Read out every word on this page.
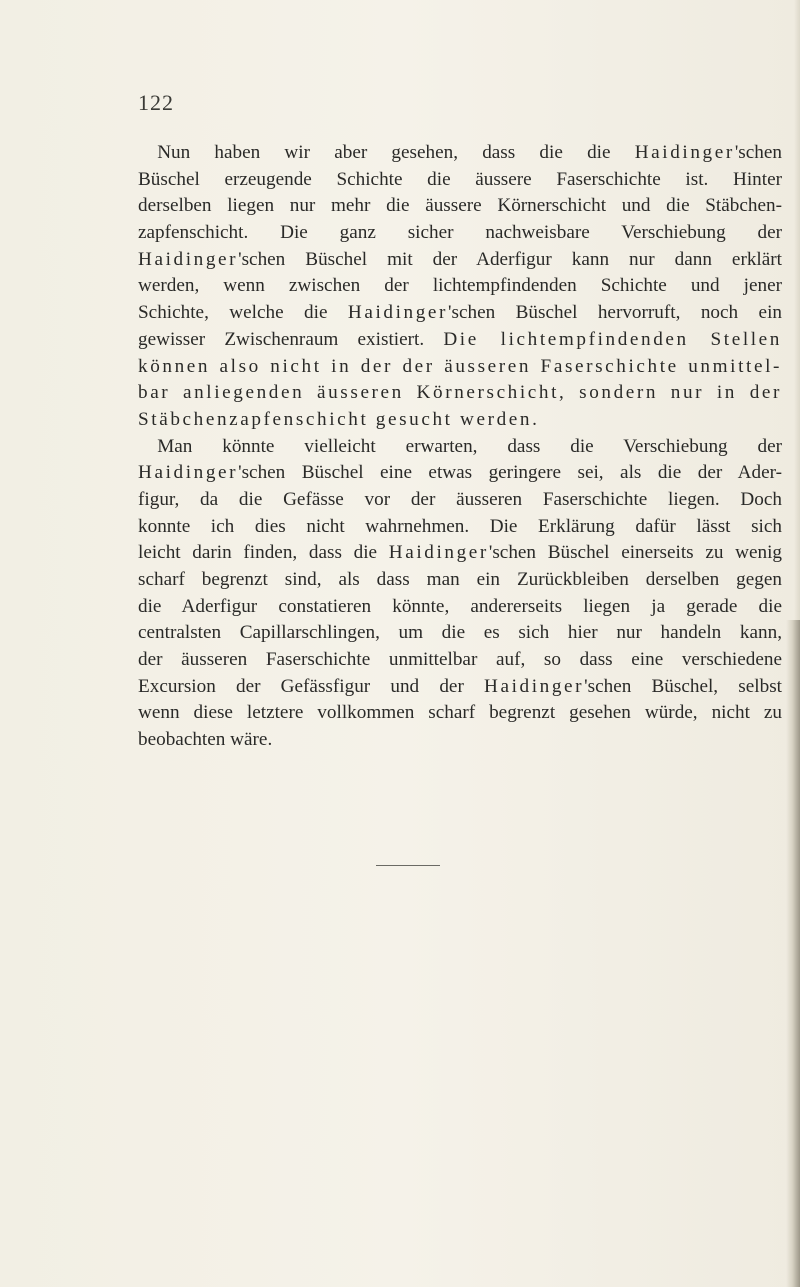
122
 Nun haben wir aber gesehen, dass die die Haidinger'schen
Büschel erzeugende Schichte die äussere Faserschichte ist. Hinter
derselben liegen nur mehr die äussere Körnerschicht und die Stäbchen-
zapfenschicht. Die ganz sicher nachweisbare Verschiebung der
Haidinger'schen Büschel mit der Aderfigur kann nur dann erklärt
werden, wenn zwischen der lichtempfindenden Schichte und jener
Schichte, welche die Haidinger'schen Büschel hervorruft, noch ein
gewisser Zwischenraum existiert. Die lichtempfindenden Stellen
können also nicht in der der äusseren Faserschichte unmittel-
bar anliegenden äusseren Körnerschicht, sondern nur in der
Stäbchenzapfenschicht gesucht werden.
 Man könnte vielleicht erwarten, dass die Verschiebung der
Haidinger'schen Büschel eine etwas geringere sei, als die der Ader-
figur, da die Gefässe vor der äusseren Faserschichte liegen. Doch
konnte ich dies nicht wahrnehmen. Die Erklärung dafür lässt sich
leicht darin finden, dass die Haidinger'schen Büschel einerseits zu wenig
scharf begrenzt sind, als dass man ein Zurückbleiben derselben gegen
die Aderfigur constatieren könnte, andererseits liegen ja gerade die
centralsten Capillarschlingen, um die es sich hier nur handeln kann,
der äusseren Faserschichte unmittelbar auf, so dass eine verschiedene
Excursion der Gefässfigur und der Haidinger'schen Büschel, selbst
wenn diese letztere vollkommen scharf begrenzt gesehen würde, nicht zu
beobachten wäre.
